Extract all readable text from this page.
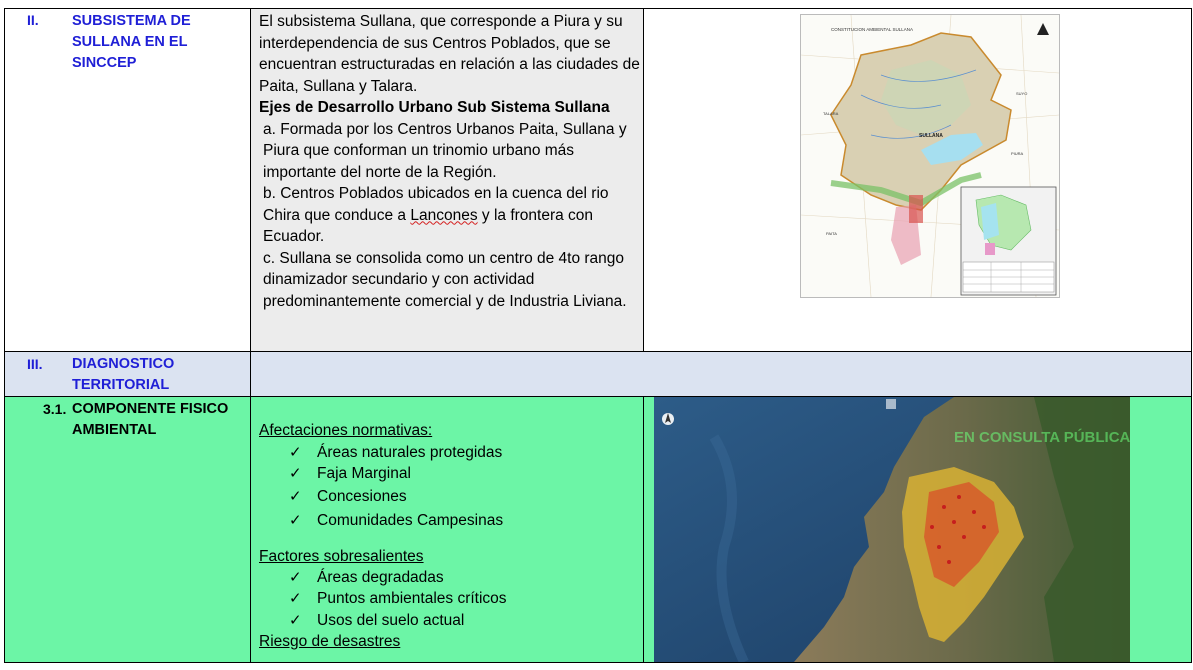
II. SUBSISTEMA DE SULLANA EN EL SINCCEP
El subsistema Sullana, que corresponde a Piura y su interdependencia de sus Centros Poblados, que se encuentran estructuradas en relación a las ciudades de Paita, Sullana y Talara.
Ejes de Desarrollo Urbano Sub Sistema Sullana
a. Formada por los Centros Urbanos Paita, Sullana y Piura que conforman un trinomio urbano más importante del norte de la Región.
b. Centros Poblados ubicados en la cuenca del rio Chira que conduce a Lancones y la frontera con Ecuador.
c. Sullana se consolida como un centro de 4to rango dinamizador secundario y con actividad predominantemente comercial y de Industria Liviana.
CONSTITUCION AMBIENTAL SULLANA
SULLANA
TALARA
PAITA
SUYO
PIURA
III. DIAGNOSTICO TERRITORIAL
3.1. COMPONENTE FISICO AMBIENTAL	Afectaciones normativas:
✓ Áreas naturales protegidas
✓ Faja Marginal
✓ Concesiones
✓ Comunidades Campesinas
Factores sobresalientes
✓ Áreas degradadas
✓ Puntos ambientales críticos
✓ Usos del suelo actual
Riesgo de desastres
EN CONSULTA PÚBLICA
